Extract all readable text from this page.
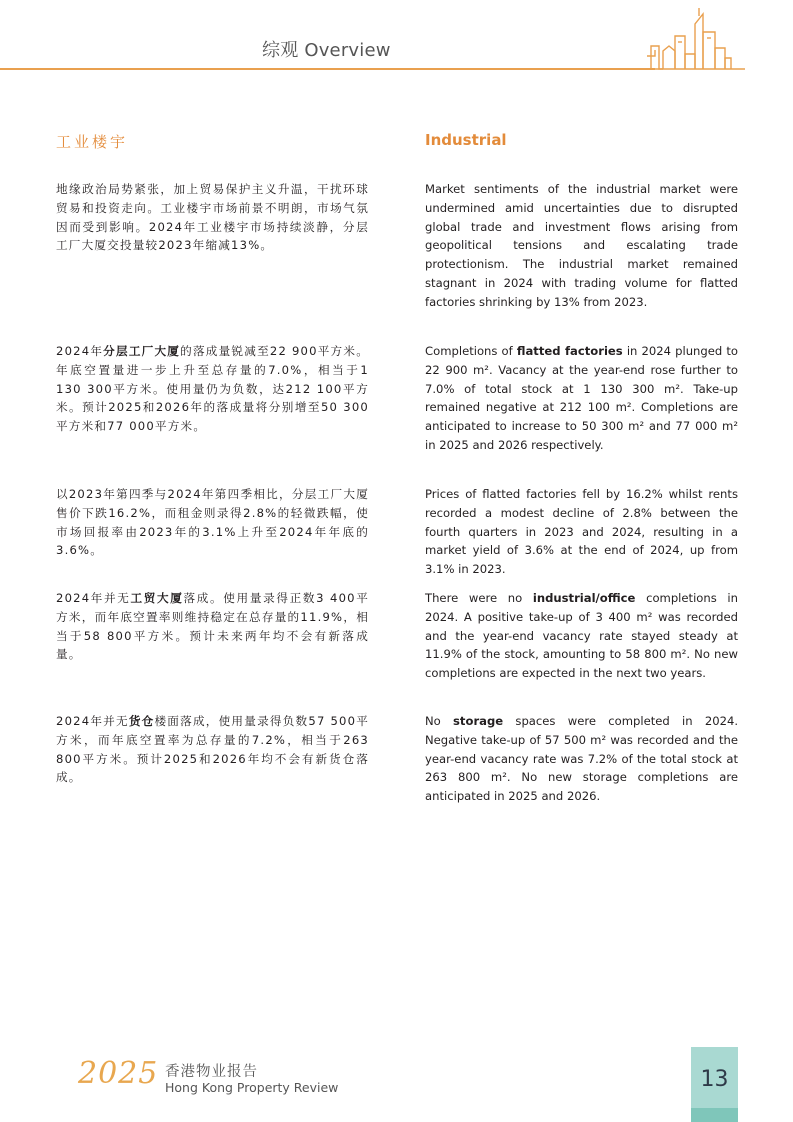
综观 Overview
工业楼宇	Industrial

地缘政治局势紧张，加上贸易保护主义升温，干扰环球贸易和投资走向。工业楼宇市场前景不明朗，市场气氛因而受到影响。2024年工业楼宇市场持续淡静，分层工厂大厦交投量较2023年缩减13%。

Market sentiments of the industrial market were undermined amid uncertainties due to disrupted global trade and investment flows arising from geopolitical tensions and escalating trade protectionism. The industrial market remained stagnant in 2024 with trading volume for flatted factories shrinking by 13% from 2023.

2024年分层工厂大厦的落成量锐减至22 900平方米。年底空置量进一步上升至总存量的7.0%，相当于1 130 300平方米。使用量仍为负数，达212 100平方米。预计2025和2026年的落成量将分别增至50 300平方米和77 000平方米。

Completions of flatted factories in 2024 plunged to 22 900 m². Vacancy at the year-end rose further to 7.0% of total stock at 1 130 300 m². Take-up remained negative at 212 100 m². Completions are anticipated to increase to 50 300 m² and 77 000 m² in 2025 and 2026 respectively.

以2023年第四季与2024年第四季相比，分层工厂大厦售价下跌16.2%，而租金则录得2.8%的轻微跌幅，使市场回报率由2023年的3.1%上升至2024年年底的3.6%。

Prices of flatted factories fell by 16.2% whilst rents recorded a modest decline of 2.8% between the fourth quarters in 2023 and 2024, resulting in a market yield of 3.6% at the end of 2024, up from 3.1% in 2023.

2024年并无工贸大厦落成。使用量录得正数3 400平方米，而年底空置率则维持稳定在总存量的11.9%，相当于58 800平方米。预计未来两年均不会有新落成量。

There were no industrial/office completions in 2024. A positive take-up of 3 400 m² was recorded and the year-end vacancy rate stayed steady at 11.9% of the stock, amounting to 58 800 m². No new completions are expected in the next two years.

2024年并无货仓楼面落成，使用量录得负数57 500平方米，而年底空置率为总存量的7.2%，相当于263 800平方米。预计2025和2026年均不会有新货仓落成。

No storage spaces were completed in 2024. Negative take-up of 57 500 m² was recorded and the year-end vacancy rate was 7.2% of the total stock at 263 800 m². No new storage completions are anticipated in 2025 and 2026.

2025 香港物业报告
Hong Kong Property Review	13
